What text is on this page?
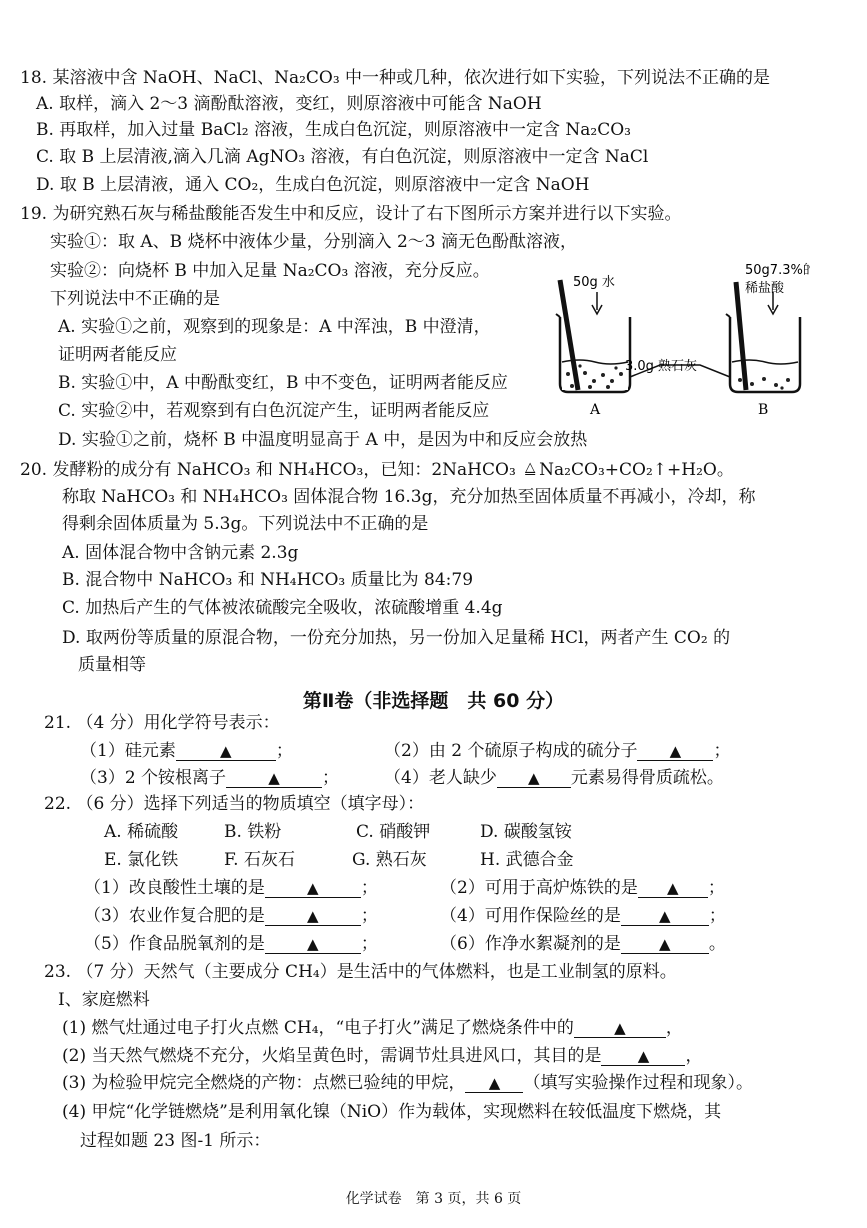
18. 某溶液中含 NaOH、NaCl、Na₂CO₃ 中一种或几种，依次进行如下实验，下列说法不正确的是
A. 取样，滴入 2～3 滴酚酞溶液，变红，则原溶液中可能含 NaOH
B. 再取样，加入过量 BaCl₂ 溶液，生成白色沉淀，则原溶液中一定含 Na₂CO₃
C. 取 B 上层清液,滴入几滴 AgNO₃ 溶液，有白色沉淀，则原溶液中一定含 NaCl
D. 取 B 上层清液，通入 CO₂，生成白色沉淀，则原溶液中一定含 NaOH
19. 为研究熟石灰与稀盐酸能否发生中和反应，设计了右下图所示方案并进行以下实验。
实验①：取 A、B 烧杯中液体少量，分别滴入 2～3 滴无色酚酞溶液，
实验②：向烧杯 B 中加入足量 Na₂CO₃ 溶液，充分反应。
下列说法中不正确的是
A. 实验①之前，观察到的现象是：A 中浑浊，B 中澄清，
证明两者能反应
B. 实验①中，A 中酚酞变红，B 中不变色，证明两者能反应
C. 实验②中，若观察到有白色沉淀产生，证明两者能反应
D. 实验①之前，烧杯 B 中温度明显高于 A 中，是因为中和反应会放热
50g 水
3.0g 熟石灰
50g7.3%的
稀盐酸
A	B
20. 发酵粉的成分有 NaHCO₃ 和 NH₄HCO₃，已知：2NaHCO₃ △ Na₂CO₃+CO₂↑+H₂O。
称取 NaHCO₃ 和 NH₄HCO₃ 固体混合物 16.3g，充分加热至固体质量不再减小，冷却，称
得剩余固体质量为 5.3g。下列说法中不正确的是
A. 固体混合物中含钠元素 2.3g
B. 混合物中 NaHCO₃ 和 NH₄HCO₃ 质量比为 84:79
C. 加热后产生的气体被浓硫酸完全吸收，浓硫酸增重 4.4g
D. 取两份等质量的原混合物，一份充分加热，另一份加入足量稀 HCl，两者产生 CO₂ 的
质量相等
第Ⅱ卷（非选择题　共 60 分）
21. （4 分）用化学符号表示：
（1）硅元素	▲	；	（2）由 2 个硫原子构成的硫分子 ▲ ；
（3）2 个铵根离子	▲ ；	（4）老人缺少 ▲ 元素易得骨质疏松。
22. （6 分）选择下列适当的物质填空（填字母）：
A. 稀硫酸	B. 铁粉	C. 硝酸钾	D. 碳酸氢铵
E. 氯化铁	F. 石灰石	G. 熟石灰	H. 武德合金
（1）改良酸性土壤的是	▲ ；	（2）可用于高炉炼铁的是 ▲ ；
（3）农业作复合肥的是	▲ ；	（4）可用作保险丝的是	▲ ；
（5）作食品脱氧剂的是	▲ ；	（6）作净水絮凝剂的是	▲ 。
23. （7 分）天然气（主要成分 CH₄）是生活中的气体燃料，也是工业制氢的原料。
Ⅰ、家庭燃料
(1) 燃气灶通过电子打火点燃 CH₄，“电子打火”满足了燃烧条件中的	▲ ，
(2) 当天然气燃烧不充分，火焰呈黄色时，需调节灶具进风口，其目的是 ▲ ，
(3) 为检验甲烷完全燃烧的产物：点燃已验纯的甲烷， ▲ （填写实验操作过程和现象）。
(4) 甲烷“化学链燃烧”是利用氧化镍（NiO）作为载体，实现燃料在较低温度下燃烧，其
过程如题 23 图-1 所示：
化学试卷　第 3 页，共 6 页
